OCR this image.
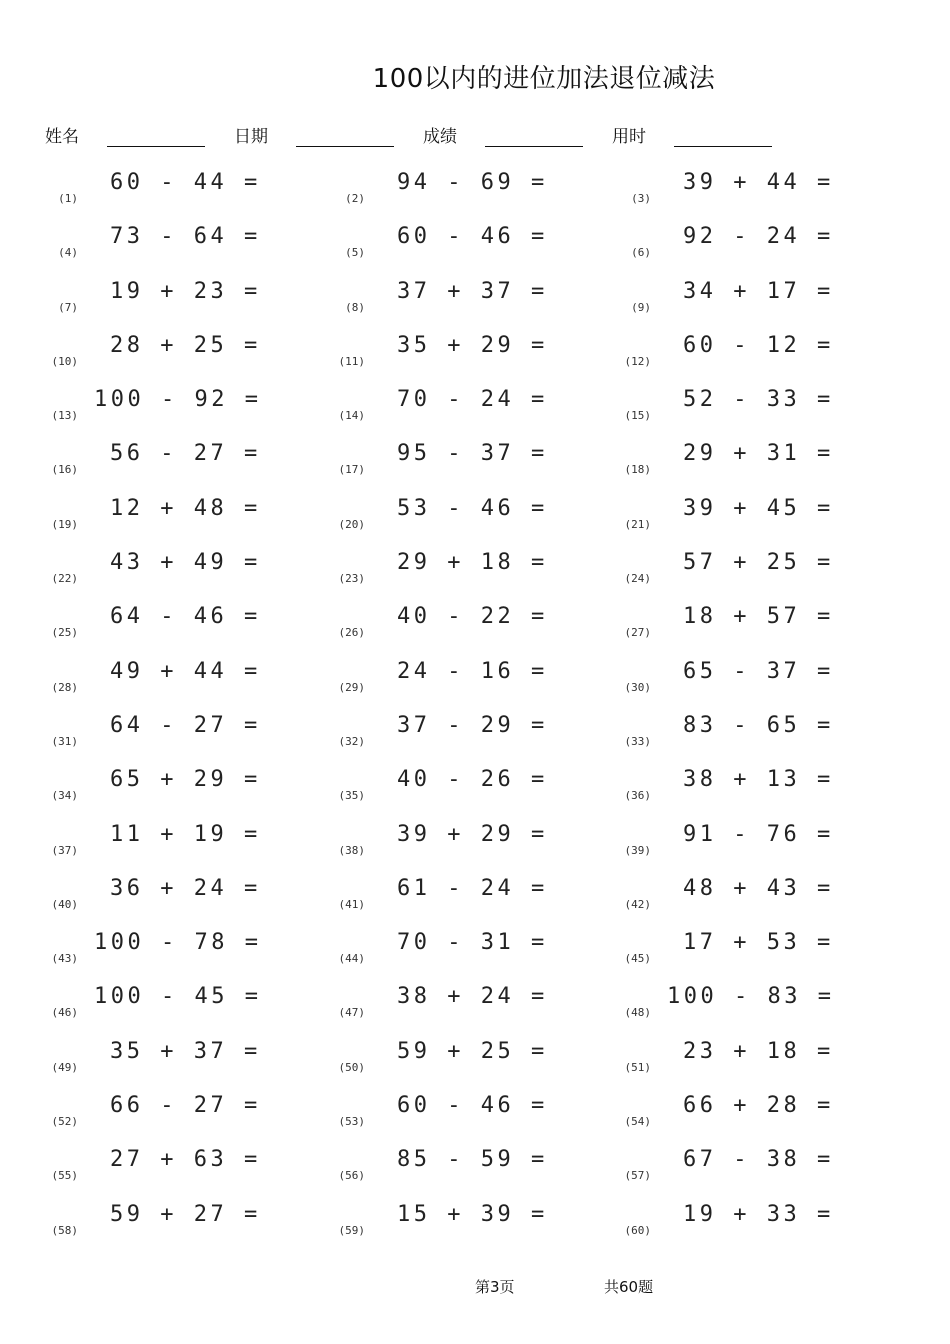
100以内的进位加法退位减法
姓名	日期	成绩	用时
(1)
60 - 44 =
(2)
94 - 69 =
(3)
39 + 44 =
(4)
73 - 64 =
(5)
60 - 46 =
(6)
92 - 24 =
(7)
19 + 23 =
(8)
37 + 37 =
(9)
34 + 17 =
(10)
28 + 25 =
(11)
35 + 29 =
(12)
60 - 12 =
(13)
100 - 92 =
(14)
70 - 24 =
(15)
52 - 33 =
(16)
56 - 27 =
(17)
95 - 37 =
(18)
29 + 31 =
(19)
12 + 48 =
(20)
53 - 46 =
(21)
39 + 45 =
(22)
43 + 49 =
(23)
29 + 18 =
(24)
57 + 25 =
(25)
64 - 46 =
(26)
40 - 22 =
(27)
18 + 57 =
(28)
49 + 44 =
(29)
24 - 16 =
(30)
65 - 37 =
(31)
64 - 27 =
(32)
37 - 29 =
(33)
83 - 65 =
(34)
65 + 29 =
(35)
40 - 26 =
(36)
38 + 13 =
(37)
11 + 19 =
(38)
39 + 29 =
(39)
91 - 76 =
(40)
36 + 24 =
(41)
61 - 24 =
(42)
48 + 43 =
(43)
100 - 78 =
(44)
70 - 31 =
(45)
17 + 53 =
(46)
100 - 45 =
(47)
38 + 24 =
(48)
100 - 83 =
(49)
35 + 37 =
(50)
59 + 25 =
(51)
23 + 18 =
(52)
66 - 27 =
(53)
60 - 46 =
(54)
66 + 28 =
(55)
27 + 63 =
(56)
85 - 59 =
(57)
67 - 38 =
(58)
59 + 27 =
(59)
15 + 39 =
(60)
19 + 33 =
第3页	共60题
